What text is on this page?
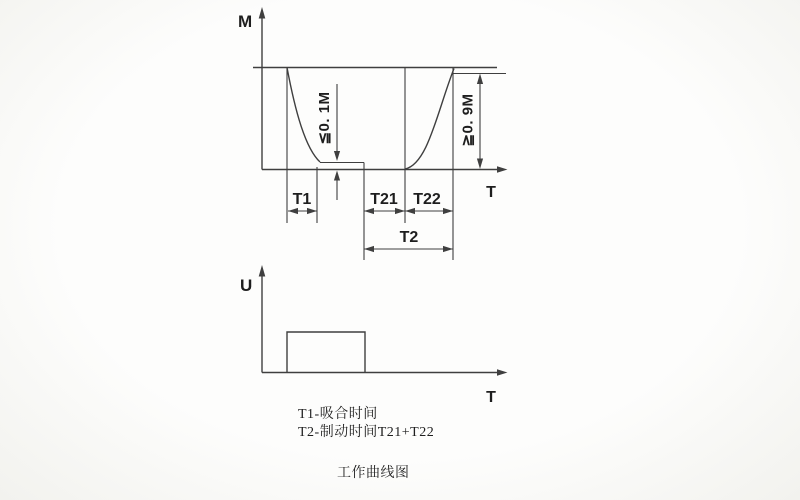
M
T
≦0. 1M	≧0. 9M
T1	T21 T22
T2
U
T
T1-吸合时间
T2-制动时间T21+T22
工作曲线图
